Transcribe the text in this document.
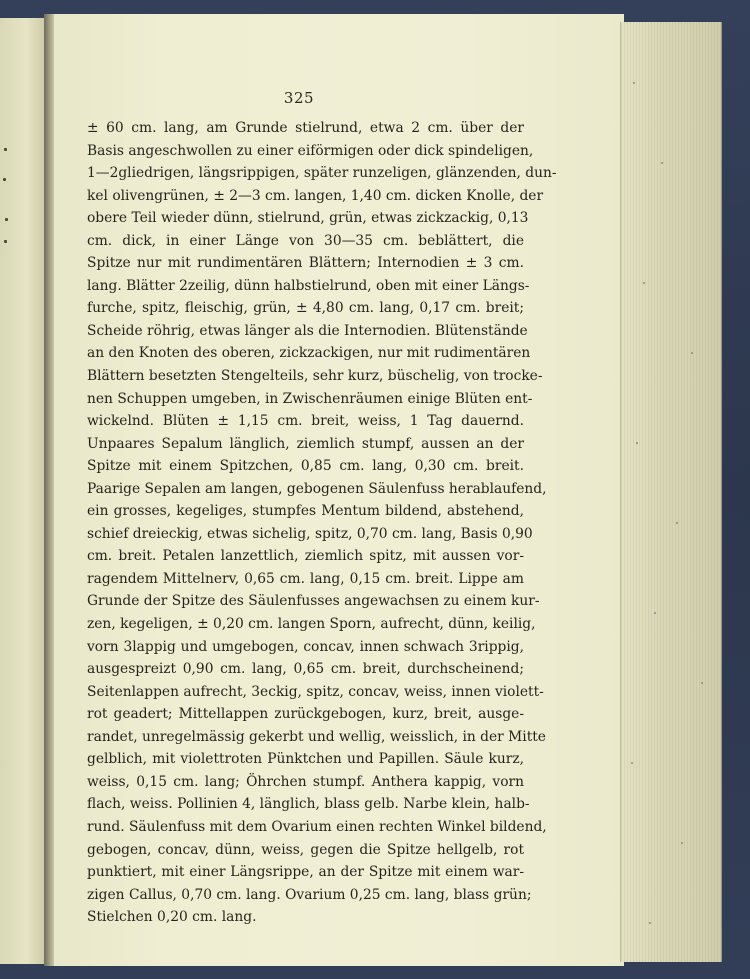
325
± 60 cm. lang, am Grunde stielrund, etwa 2 cm. über der
Basis angeschwollen zu einer eiförmigen oder dick spindeligen,
1—2gliedrigen, längsrippigen, später runzeligen, glänzenden, dun-
kel olivengrünen, ± 2—3 cm. langen, 1,40 cm. dicken Knolle, der
obere Teil wieder dünn, stielrund, grün, etwas zickzackig, 0,13
cm. dick, in einer Länge von 30—35 cm. beblättert, die
Spitze nur mit rundimentären Blättern; Internodien ± 3 cm.
lang. Blätter 2zeilig, dünn halbstielrund, oben mit einer Längs-
furche, spitz, fleischig, grün, ± 4,80 cm. lang, 0,17 cm. breit;
Scheide röhrig, etwas länger als die Internodien. Blütenstände
an den Knoten des oberen, zickzackigen, nur mit rudimentären
Blättern besetzten Stengelteils, sehr kurz, büschelig, von trocke-
nen Schuppen umgeben, in Zwischenräumen einige Blüten ent-
wickelnd. Blüten ± 1,15 cm. breit, weiss, 1 Tag dauernd.
Unpaares Sepalum länglich, ziemlich stumpf, aussen an der
Spitze mit einem Spitzchen, 0,85 cm. lang, 0,30 cm. breit.
Paarige Sepalen am langen, gebogenen Säulenfuss herablaufend,
ein grosses, kegeliges, stumpfes Mentum bildend, abstehend,
schief dreieckig, etwas sichelig, spitz, 0,70 cm. lang, Basis 0,90
cm. breit. Petalen lanzettlich, ziemlich spitz, mit aussen vor-
ragendem Mittelnerv, 0,65 cm. lang, 0,15 cm. breit. Lippe am
Grunde der Spitze des Säulenfusses angewachsen zu einem kur-
zen, kegeligen, ± 0,20 cm. langen Sporn, aufrecht, dünn, keilig,
vorn 3lappig und umgebogen, concav, innen schwach 3rippig,
ausgespreizt 0,90 cm. lang, 0,65 cm. breit, durchscheinend;
Seitenlappen aufrecht, 3eckig, spitz, concav, weiss, innen violett-
rot geadert; Mittellappen zurückgebogen, kurz, breit, ausge-
randet, unregelmässig gekerbt und wellig, weisslich, in der Mitte
gelblich, mit violettroten Pünktchen und Papillen. Säule kurz,
weiss, 0,15 cm. lang; Öhrchen stumpf. Anthera kappig, vorn
flach, weiss. Pollinien 4, länglich, blass gelb. Narbe klein, halb-
rund. Säulenfuss mit dem Ovarium einen rechten Winkel bildend,
gebogen, concav, dünn, weiss, gegen die Spitze hellgelb, rot
punktiert, mit einer Längsrippe, an der Spitze mit einem war-
zigen Callus, 0,70 cm. lang. Ovarium 0,25 cm. lang, blass grün;
Stielchen 0,20 cm. lang.
